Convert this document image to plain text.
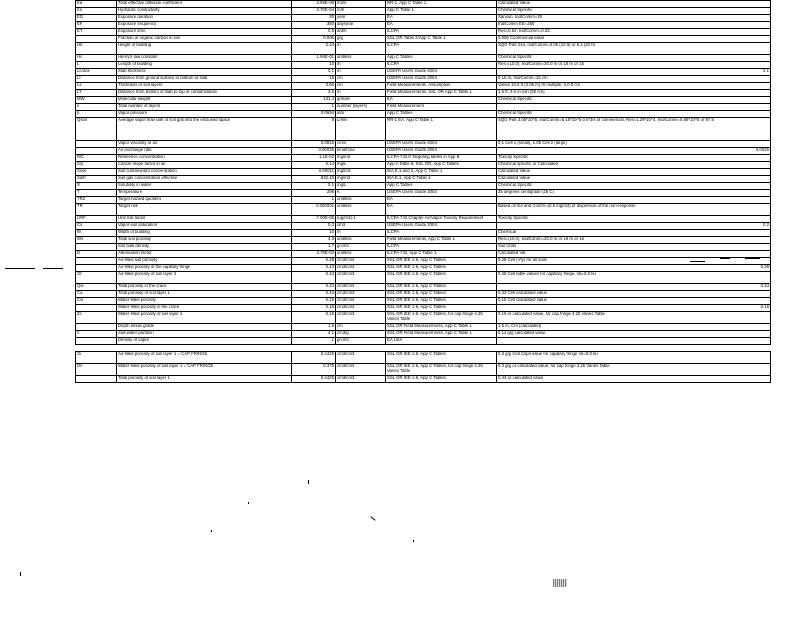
Kd	Total effective diffusion coefficient	3.59E-08	m2/h	RR-1, App C Table 1	Calculated Value
Ks	Hydraulic conductivity	3.70E-04	m/h	App C Table 1	Chemical Specific
ED	Exposure duration	30	year	EA	Sanson, Ind/Comm=25
EF	Exposure frequency	350	day/year	EA	Ind/Comm EE=250
ET	Exposure time	0.5	d/d/h	ILCPA	Res=0.52, Ind/Comm=0.33
	Fraction of organic carbon in soil	0.006	g/g	SSL OR Table 2/App C Table 1	0.006 Commercial value
Hb	Height of building	2.44	m	ILCPA	SQG Part 244, Ind/Comm=3.05 (10 ft) or 6.1 (20 ft)
Hc	Henry's law constant	1.94E-01	unitless	App C Tables	Chemical Specific
L	Length of building	10	m	ILCPA	Res=(10,0), Ind/Comm=20.0 m or 18 m or 15
Lcrack	Slab thickness	0.1	m	USEPA Users Guide 2004	0.1

Lf	Distance from ground surface to bottom of slab	15	cm	USEPA Users Guide 2004	0.15 m, Ind/Comm=15 cm
Ls	Thickness of soil layers	3.66	cm	Field Measurements, Assumption	Varies 10.0 ft (3.05 m) ftr multiple, 0.0 ft cm
LT	Distance from bottom of slab to top of contamination	3.5	m	Field Measurements, SSL OR App C Table 1	1.5 ft, 2.5 m min (50 cm)
MW	Molecular weight	131.4	g/mole	EA	Chemical Specific
n	Total number of layers	1	number (layers)	Field Measurement	
p	Vapor pressure	0.0694	atm	App C Tables	Chemical Specific
Qsoil	Average vapor flow rate of soil gas into the enclosed space	5	L/min	RR-1 EA, App C Table 1	SQG Part 3.05*10^5, Ind/Comm=5.15*10^5 cm^3/s of commercial, Res=1.29*10^4, Ind/Comm=5.68*10^5 or 97.5
	Vapor viscosity of air	0.0815	cm/s	USEPA Users Guide 2004	0.1 Cell 1 (small), 1.05 Cell 2 (large)
	Air exchange rate	0.00025	kma/hour	USEPA Users Guide 2004	0.0025

RfC	Reference concentration	1.1E-02	mg/m3	ILCPA 742.0 Targeting tables in App B	Toxicity Specific
SQ	Cancer slope factor in air	0.14	mg/L	App A Table 9, SSL OR, App C Tables	Chemical specific or Calculated
Ssoil	Soil contaminant concentration	0.00011	mg/m3	IEA E.1 and 2, App C Table 1	Calculated Value
Sdiff	Soil gas concentration effective	832.15	mg/m3	IEA E.1, App C Table 1	Calculated Value
S	Solubility in water	0.1	mg/L	App C Tables	Chemical Specific
T	Temperature	298	K	USEPA Users Guide 2004	25 degrees centigrade (25 C)
TR2	Target hazard quotient	1	unitless	EA	
TR	Target risk	0.000001	unitless	EA	Based on EA and Comm=(0.5 mg/m3) of dispersion of the non-response
URF	Unit risk factor	7.00E-06	(ug/m3)-1	ILCPA 742.Chapter Air/Vapor Toxicity Requirement	Toxicity Specific
Cs	Vapor-soil saturation	0.3	cm3	USEPA Users Guide 2004	0.2

W	Width of building	10	m	ILCPA	Chemical
Ws	Total soil porosity	4.3	unitless	Field Measurements, App C Table 1	Res=(10,0), Ind/Comm=20.0 m or 18 m or 15
	Soil bulk density	1.7	g/cm3	ILCPA	Soil Units
D	Attenuation factor	3.70E-04	unitless	ILCPA 742, App C Table 1	Calculated Val
	Air-filled soil porosity	0.28	cm3/cm3	SSL OR IEE 1-6, App C Tables	0.28 Cell (Vfy) for all soils
	Air-filled porosity in the capillary fringe	0.13	cm3/cm3	SSL OR IEE 1-6, App C Tables	0.28

Ot	Air-filled porosity of soil layer 2	0.13	cm3/cm3	SSL OR IEE 1-6, App C Tables	0.28 Cell table values for capillary fringe, Va=0.0 ku
Qw	Total porosity in the crack	0.43	cm3/cm3	SSL OR IEE 1-6, App C Tables	0.43

Ca	Total porosity of soil layer 1	0.43	cm3/cm3	SSL OR IEE 1-6, App C Tables	0.43 Cell calculated value
Cw	Water-filled porosity	0.15	cm3/cm3	SSL OR IEE 1-6, App C Tables	0.15 Cell calculated value
	Water-filled porosity in the crack	0.15	cm3/cm3	SSL OR IEE 1-6, App C Tables	0.15

Zc	Water-filled porosity of soil layer 1	0.15	cm3/cm3	SSL OR IEE 1-6, App C Tables, for cap fringe 4.25 Vanes Table	0.15 or calculated value, for cap fringe 4.25 Vanes Table
	Depth below grade	1.5	cm	SSL OR Field Measurements, App C Table 1	1.5 m, Cm (calculated)
n	Soil-water partition	4.1	cm3/g	SSL OR Field Measurements, App C Table 1	0.13 g/g calculated value
	Density of vapor	1	g/cm3	EA USA	

Oi	Air-filled porosity of soil layer 1 = CAP FRINGE	0.4425	cm3/cm3	SSL OR IEE 1-6, App C Tables	0.3 g/g Cell Capil value for capillary fringe Va=0.0 ku
Dn	Water-filled porosity of soil layer 1 = CAP FRINGE	0.375	cm3/cm3	SSL OR IEE 1-6, App C Tables, for cap fringe 4.25 Vanes Table	0.3 g/g or calculated value, for cap fringe 4.25 Vanes Table
	Total porosity of soil layer 1	0.4425	cm3/cm3	SSL OR IEE 1-6, App C Tables	0.43 or calculated value
